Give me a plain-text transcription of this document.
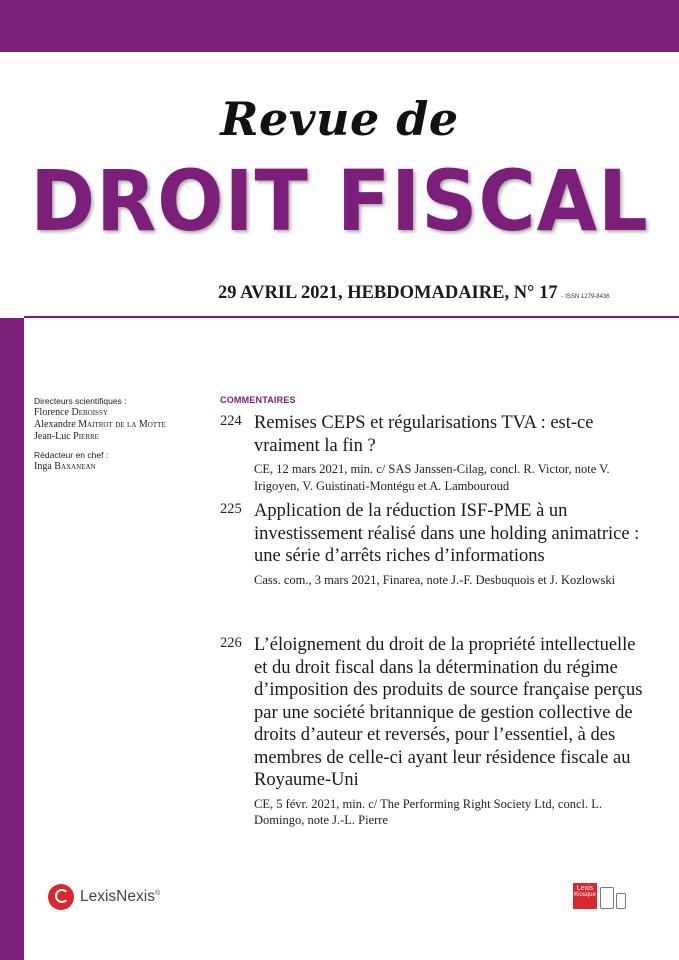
Revue de
DROIT FISCAL
29 AVRIL 2021, HEBDOMADAIRE, N° 17 - ISSN 1279-8436
Directeurs scientifiques :
Florence Deboissy
Alexandre Maitrot de la Motte
Jean-Luc Pierre
Rédacteur en chef :
Inga Baxanean
COMMENTAIRES
224 Remises CEPS et régularisations TVA : est-ce vraiment la fin ?
CE, 12 mars 2021, min. c/ SAS Janssen-Cilag, concl. R. Victor, note V. Irigoyen, V. Guistinati-Montégu et A. Lambouroud
225 Application de la réduction ISF-PME à un investissement réalisé dans une holding animatrice : une série d’arrêts riches d’informations
Cass. com., 3 mars 2021, Finarea, note J.-F. Desbuquois et J. Kozlowski
226 L’éloignement du droit de la propriété intellectuelle et du droit fiscal dans la détermination du régime d’imposition des produits de source française perçus par une société britannique de gestion collective de droits d’auteur et reversés, pour l’essentiel, à des membres de celle-ci ayant leur résidence fiscale au Royaume-Uni
CE, 5 févr. 2021, min. c/ The Performing Right Society Ltd, concl. L. Domingo, note J.-L. Pierre
LexisNexis®
Lexis
Kiosque
